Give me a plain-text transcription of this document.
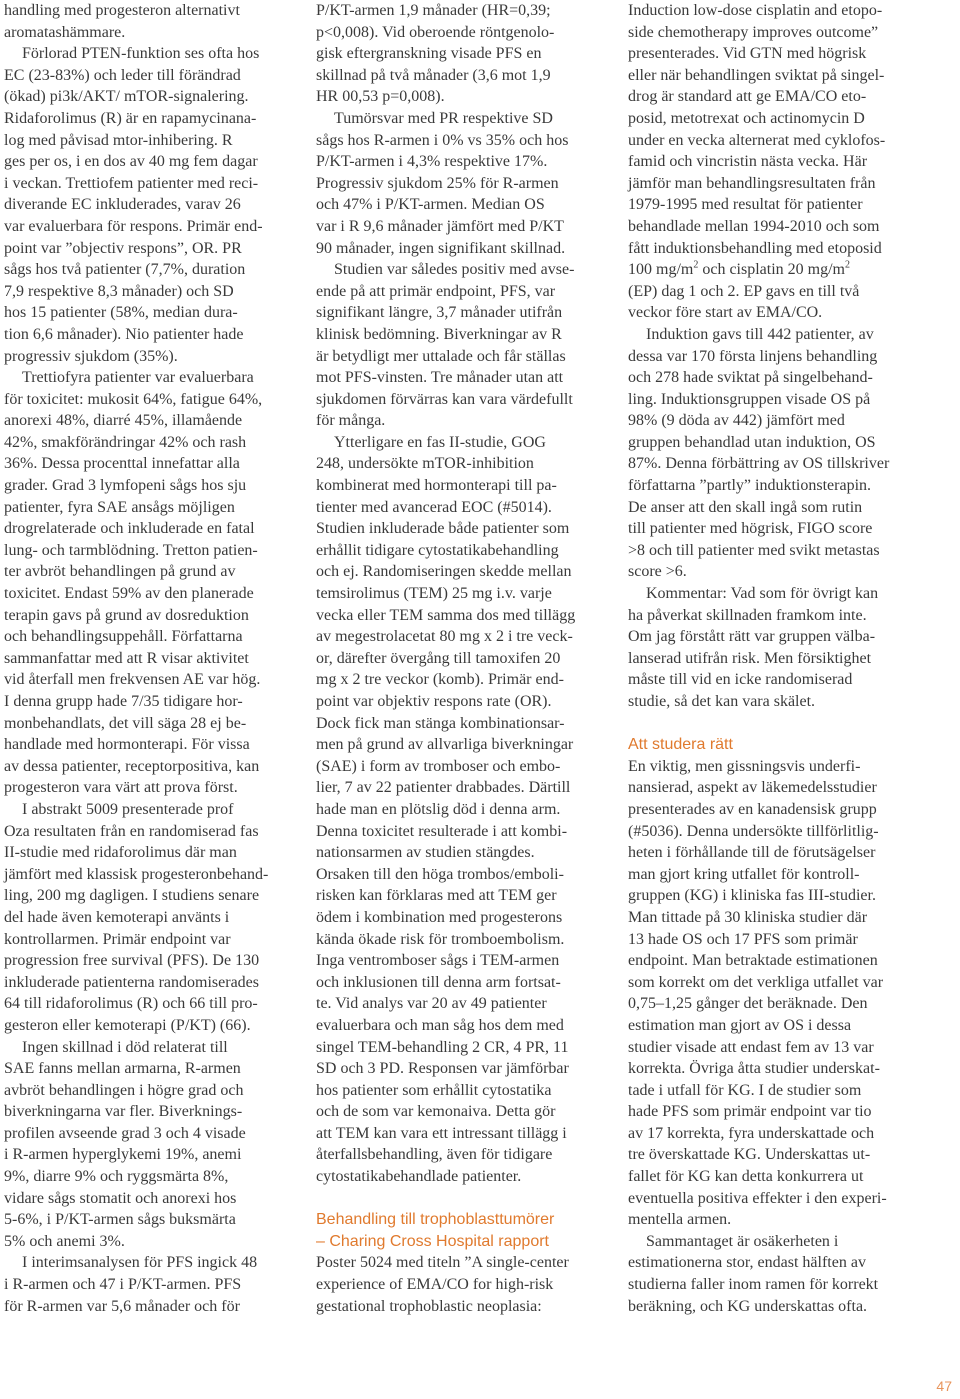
handling med progesteron alternativt
aromatashämmare.

Förlorad PTEN-funktion ses ofta hos
EC (23-83%) och leder till förändrad
(ökad) pi3k/AKT/ mTOR-signalering.
Ridaforolimus (R) är en rapamycinana-
log med påvisad mtor-inhibering. R
ges per os, i en dos av 40 mg fem dagar
i veckan. Trettiofem patienter med reci-
diverande EC inkluderades, varav 26
var evaluerbara för respons. Primär end-
point var ”objectiv respons”, OR. PR
sågs hos två patienter (7,7%, duration
7,9 respektive 8,3 månader) och SD
hos 15 patienter (58%, median dura-
tion 6,6 månader). Nio patienter hade
progressiv sjukdom (35%).

Trettiofyra patienter var evaluerbara
för toxicitet: mukosit 64%, fatigue 64%,
anorexi 48%, diarré 45%, illamående
42%, smakförändringar 42% och rash
36%. Dessa procenttal innefattar alla
grader. Grad 3 lymfopeni sågs hos sju
patienter, fyra SAE ansågs möjligen
drogrelaterade och inkluderade en fatal
lung- och tarmblödning. Tretton patien-
ter avbröt behandlingen på grund av
toxicitet. Endast 59% av den planerade
terapin gavs på grund av dosreduktion
och behandlingsuppehåll. Författarna
sammanfattar med att R visar aktivitet
vid återfall men frekvensen AE var hög.
I denna grupp hade 7/35 tidigare hor-
monbehandlats, det vill säga 28 ej be-
handlade med hormonterapi. För vissa
av dessa patienter, receptorpositiva, kan
progesteron vara värt att prova först.

I abstrakt 5009 presenterade prof
Oza resultaten från en randomiserad fas
II-studie med ridaforolimus där man
jämfört med klassisk progesteronbehand-
ling, 200 mg dagligen. I studiens senare
del hade även kemoterapi använts i
kontrollarmen. Primär endpoint var
progression free survival (PFS). De 130
inkluderade patienterna randomiserades
64 till ridaforolimus (R) och 66 till pro-
gesteron eller kemoterapi (P/KT) (66).

Ingen skillnad i död relaterat till
SAE fanns mellan armarna, R-armen
avbröt behandlingen i högre grad och
biverkningarna var fler. Biverknings-
profilen avseende grad 3 och 4 visade
i R-armen hyperglykemi 19%, anemi
9%, diarre 9% och ryggsmärta 8%,
vidare sågs stomatit och anorexi hos
5-6%, i P/KT-armen sågs buksmärta
5% och anemi 3%.

I interimsanalysen för PFS ingick 48
i R-armen och 47 i P/KT-armen. PFS
för R-armen var 5,6 månader och för

P/KT-armen 1,9 månader (HR=0,39;
p<0,008). Vid oberoende röntgenolo-
gisk eftergranskning visade PFS en
skillnad på två månader (3,6 mot 1,9
HR 00,53 p=0,008).

Tumörsvar med PR respektive SD
sågs hos R-armen i 0% vs 35% och hos
P/KT-armen i 4,3% respektive 17%.
Progressiv sjukdom 25% för R-armen
och 47% i P/KT-armen. Median OS
var i R 9,6 månader jämfört med P/KT
90 månader, ingen signifikant skillnad.

Studien var således positiv med avse-
ende på att primär endpoint, PFS, var
signifikant längre, 3,7 månader utifrån
klinisk bedömning. Biverkningar av R
är betydligt mer uttalade och får ställas
mot PFS-vinsten. Tre månader utan att
sjukdomen förvärras kan vara värdefullt
för många.

Ytterligare en fas II-studie, GOG
248, undersökte mTOR-inhibition
kombinerat med hormonterapi till pa-
tienter med avancerad EOC (#5014).
Studien inkluderade både patienter som
erhållit tidigare cytostatikabehandling
och ej. Randomiseringen skedde mellan
temsirolimus (TEM) 25 mg i.v. varje
vecka eller TEM samma dos med tillägg
av megestrolacetat 80 mg x 2 i tre veck-
or, därefter övergång till tamoxifen 20
mg x 2 tre veckor (komb). Primär end-
point var objektiv respons rate (OR).
Dock fick man stänga kombinationsar-
men på grund av allvarliga biverkningar
(SAE) i form av tromboser och embo-
lier, 7 av 22 patienter drabbades. Därtill
hade man en plötslig död i denna arm.
Denna toxicitet resulterade i att kombi-
nationsarmen av studien stängdes.
Orsaken till den höga trombos/emboli-
risken kan förklaras med att TEM ger
ödem i kombination med progesterons
kända ökade risk för tromboembolism.
Inga ventromboser sågs i TEM-armen
och inklusionen till denna arm fortsat-
te. Vid analys var 20 av 49 patienter
evaluerbara och man såg hos dem med
singel TEM-behandling 2 CR, 4 PR, 11
SD och 3 PD. Responsen var jämförbar
hos patienter som erhållit cytostatika
och de som var kemonaiva. Detta gör
att TEM kan vara ett intressant tillägg i
återfallsbehandling, även för tidigare
cytostatikabehandlade patienter.

Behandling till trophoblasttumörer
– Charing Cross Hospital rapport

Poster 5024 med titeln ”A single-center
experience of EMA/CO for high-risk
gestational trophoblastic neoplasia:

Induction low-dose cisplatin and etopo-
side chemotherapy improves outcome”
presenterades. Vid GTN med högrisk
eller när behandlingen sviktat på singel-
drog är standard att ge EMA/CO eto-
posid, metotrexat och actinomycin D
under en vecka alternerat med cyklofos-
famid och vincristin nästa vecka. Här
jämför man behandlingsresultaten från
1979-1995 med resultat för patienter
behandlade mellan 1994-2010 och som
fått induktionsbehandling med etoposid
100 $mg/m^2$ och cisplatin 20 $mg/m^2$
(EP) dag 1 och 2. EP gavs en till två
veckor före start av EMA/CO.

Induktion gavs till 442 patienter, av
dessa var 170 första linjens behandling
och 278 hade sviktat på singelbehand-
ling. Induktionsgruppen visade OS på
98% (9 döda av 442) jämfört med
gruppen behandlad utan induktion, OS
87%. Denna förbättring av OS tillskriver
författarna ”partly” induktionsterapin.
De anser att den skall ingå som rutin
till patienter med högrisk, FIGO score
>8 och till patienter med svikt metastas
score >6.

Kommentar: Vad som för övrigt kan
ha påverkat skillnaden framkom inte.
Om jag förstått rätt var gruppen välba-
lanserad utifrån risk. Men försiktighet
måste till vid en icke randomiserad
studie, så det kan vara skälet.

Att studera rätt

En viktig, men gissningsvis underfi-
nansierad, aspekt av läkemedelsstudier
presenterades av en kanadensisk grupp
(#5036). Denna undersökte tillförlitlig-
heten i förhållande till de förutsägelser
man gjort kring utfallet för kontroll-
gruppen (KG) i kliniska fas III-studier.
Man tittade på 30 kliniska studier där
13 hade OS och 17 PFS som primär
endpoint. Man betraktade estimationen
som korrekt om det verkliga utfallet var
0,75–1,25 gånger det beräknade. Den
estimation man gjort av OS i dessa
studier visade att endast fem av 13 var
korrekta. Övriga åtta studier underskat-
tade i utfall för KG. I de studier som
hade PFS som primär endpoint var tio
av 17 korrekta, fyra underskattade och
tre överskattade KG. Underskattas ut-
fallet för KG kan detta konkurrera ut
eventuella positiva effekter i den experi-
mentella armen.

Sammantaget är osäkerheten i
estimationerna stor, endast hälften av
studierna faller inom ramen för korrekt
beräkning, och KG underskattas ofta.

47
